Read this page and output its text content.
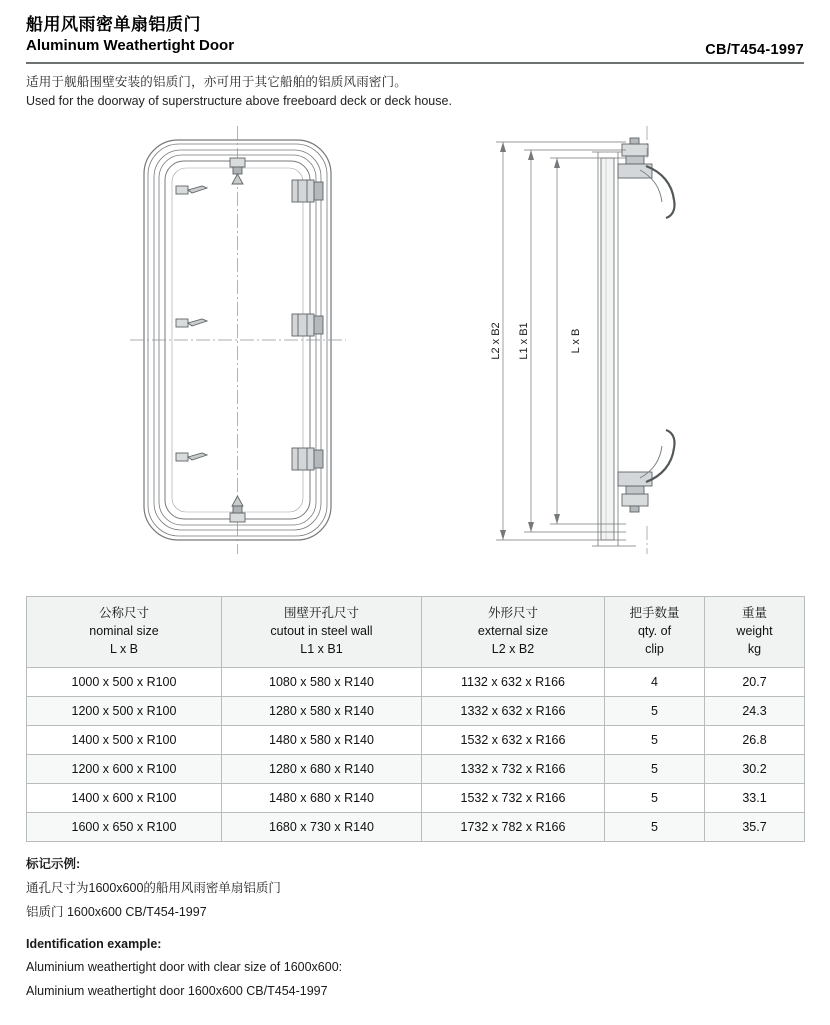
船用风雨密单扇铝质门
Aluminum Weathertight Door	CB/T454-1997
适用于舰船围壁安装的铝质门，亦可用于其它船舶的铝质风雨密门。
Used for the doorway of superstructure above freeboard deck or deck house.
L2 x B2 L1 x B1	L x B
公称尺寸
nominal size
L x B

围壁开孔尺寸
cutout in steel wall
L1 x B1

外形尺寸
external size
L2 x B2

把手数量
qty. of
clip

重量
weight
kg

1000 x 500 x R100	1080 x 580 x R140	1132 x 632 x R166	4	20.7
1200 x 500 x R100	1280 x 580 x R140	1332 x 632 x R166	5	24.3
1400 x 500 x R100	1480 x 580 x R140	1532 x 632 x R166	5	26.8
1200 x 600 x R100	1280 x 680 x R140	1332 x 732 x R166	5	30.2
1400 x 600 x R100	1480 x 680 x R140	1532 x 732 x R166	5	33.1
1600 x 650 x R100	1680 x 730 x R140	1732 x 782 x R166	5	35.7
标记示例:
通孔尺寸为1600x600的船用风雨密单扇铝质门
铝质门 1600x600 CB/T454-1997
Identification example:
Aluminium weathertight door with clear size of 1600x600:
Aluminium weathertight door 1600x600 CB/T454-1997
